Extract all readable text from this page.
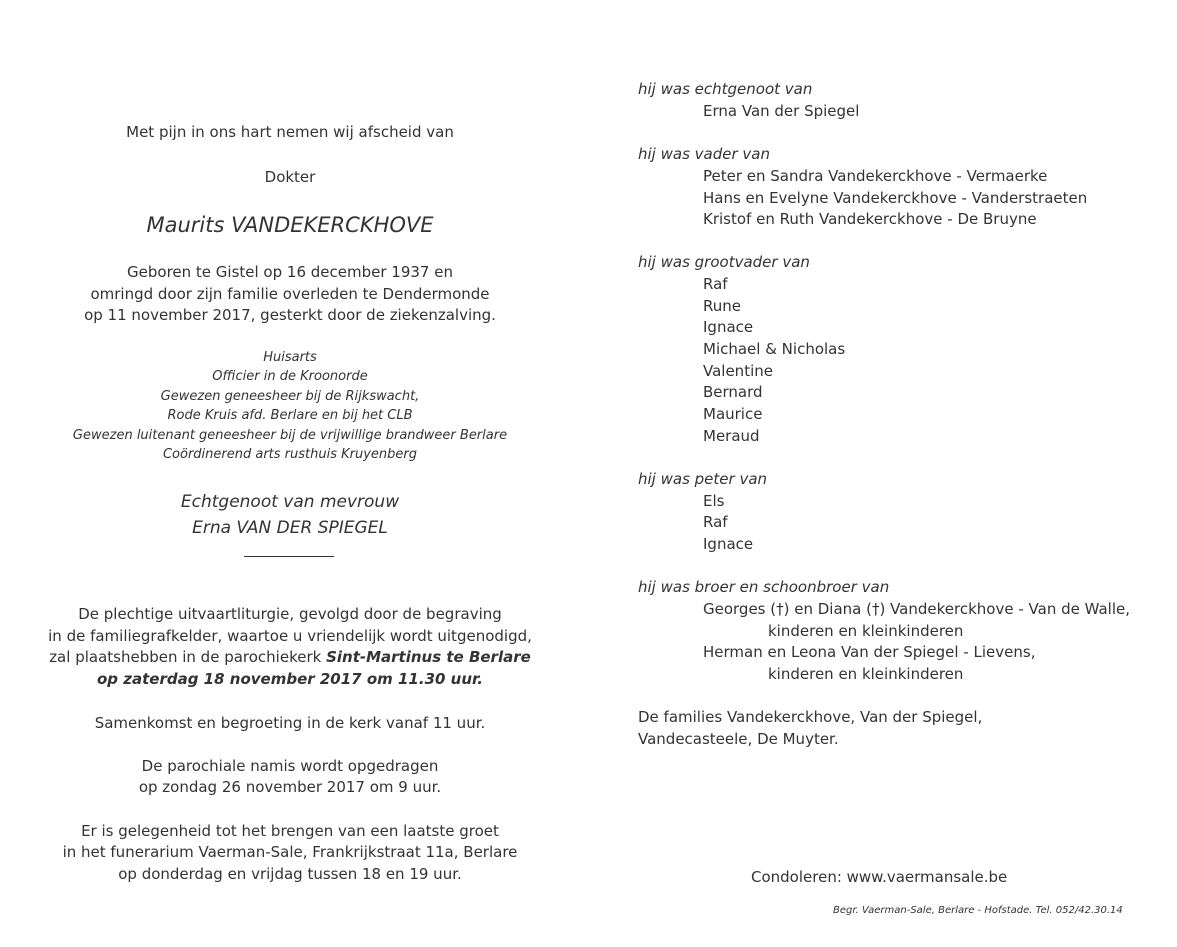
Met pijn in ons hart nemen wij afscheid van
Dokter
Maurits VANDEKERCKHOVE
Geboren te Gistel op 16 december 1937 en
omringd door zijn familie overleden te Dendermonde
op 11 november 2017, gesterkt door de ziekenzalving.
Huisarts
Officier in de Kroonorde
Gewezen geneesheer bij de Rijkswacht,
Rode Kruis afd. Berlare en bij het CLB
Gewezen luitenant geneesheer bij de vrijwillige brandweer Berlare
Coördinerend arts rusthuis Kruyenberg
Echtgenoot van mevrouw
Erna VAN DER SPIEGEL
De plechtige uitvaartliturgie, gevolgd door de begraving
in de familiegrafkelder, waartoe u vriendelijk wordt uitgenodigd,
zal plaatshebben in de parochiekerk Sint-Martinus te Berlare
op zaterdag 18 november 2017 om 11.30 uur.
Samenkomst en begroeting in de kerk vanaf 11 uur.
De parochiale namis wordt opgedragen
op zondag 26 november 2017 om 9 uur.
Er is gelegenheid tot het brengen van een laatste groet
in het funerarium Vaerman-Sale, Frankrijkstraat 11a, Berlare
op donderdag en vrijdag tussen 18 en 19 uur.
hij was echtgenoot van
Erna Van der Spiegel
hij was vader van
Peter en Sandra Vandekerckhove - Vermaerke
Hans en Evelyne Vandekerckhove - Vanderstraeten
Kristof en Ruth Vandekerckhove - De Bruyne
hij was grootvader van
Raf
Rune
Ignace
Michael & Nicholas
Valentine
Bernard
Maurice
Meraud
hij was peter van
Els
Raf
Ignace
hij was broer en schoonbroer van
Georges (†) en Diana (†) Vandekerckhove - Van de Walle,
kinderen en kleinkinderen
Herman en Leona Van der Spiegel - Lievens,
kinderen en kleinkinderen
De families Vandekerckhove, Van der Spiegel,
Vandecasteele, De Muyter.
Condoleren: www.vaermansale.be
Begr. Vaerman-Sale, Berlare - Hofstade. Tel. 052/42.30.14
